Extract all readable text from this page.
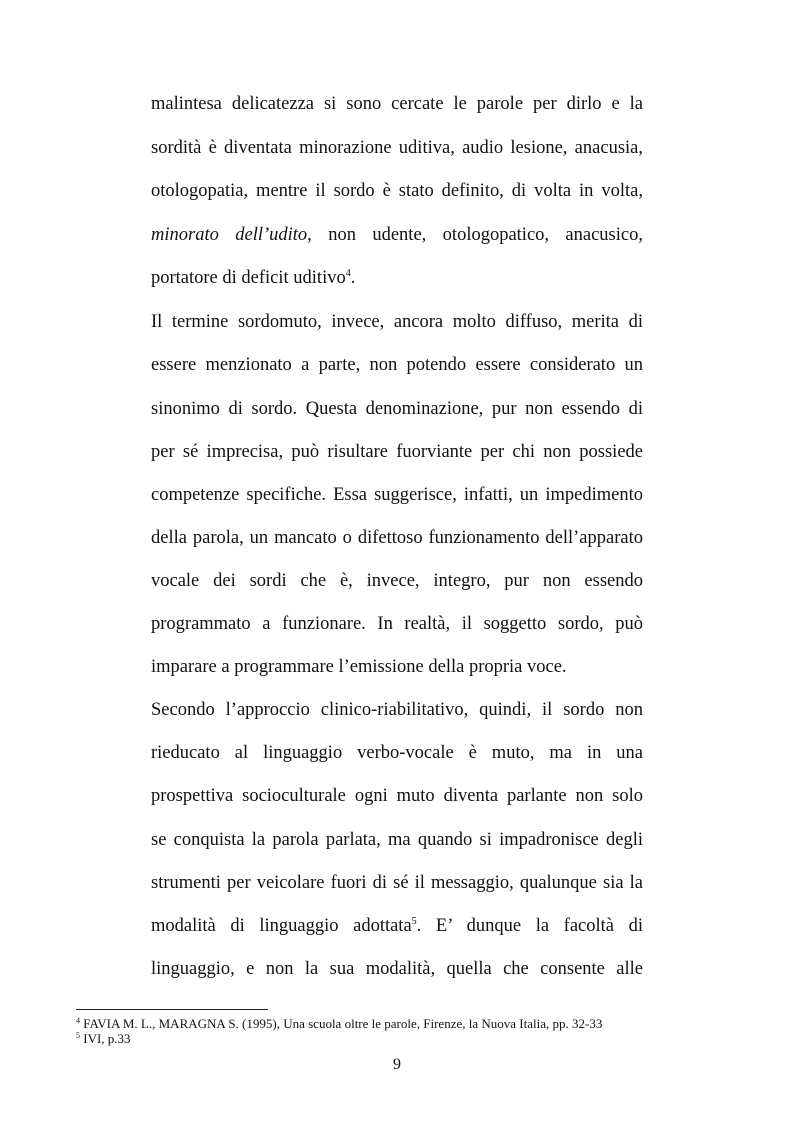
malintesa delicatezza si sono cercate le parole per dirlo e la
sordità è diventata minorazione uditiva, audio lesione, anacusia,
otologopatia, mentre il sordo è stato definito, di volta in volta,
minorato dell’udito, non udente, otologopatico, anacusico,
portatore di deficit uditivo$^4$.
Il termine sordomuto, invece, ancora molto diffuso, merita di
essere menzionato a parte, non potendo essere considerato un
sinonimo di sordo. Questa denominazione, pur non essendo di
per sé imprecisa, può risultare fuorviante per chi non possiede
competenze specifiche. Essa suggerisce, infatti, un impedimento
della parola, un mancato o difettoso funzionamento dell’apparato
vocale dei sordi che è, invece, integro, pur non essendo
programmato a funzionare. In realtà, il soggetto sordo, può
imparare a programmare l’emissione della propria voce.
Secondo l’approccio clinico-riabilitativo, quindi, il sordo non
rieducato al linguaggio verbo-vocale è muto, ma in una
prospettiva socioculturale ogni muto diventa parlante non solo
se conquista la parola parlata, ma quando si impadronisce degli
strumenti per veicolare fuori di sé il messaggio, qualunque sia la
modalità di linguaggio adottata$^5$. E’ dunque la facoltà di
linguaggio, e non la sua modalità, quella che consente alle
$^4$ FAVIA M. L., MARAGNA S. (1995), Una scuola oltre le parole, Firenze, la Nuova Italia, pp. 32-33
$^5$ IVI, p.33
9
